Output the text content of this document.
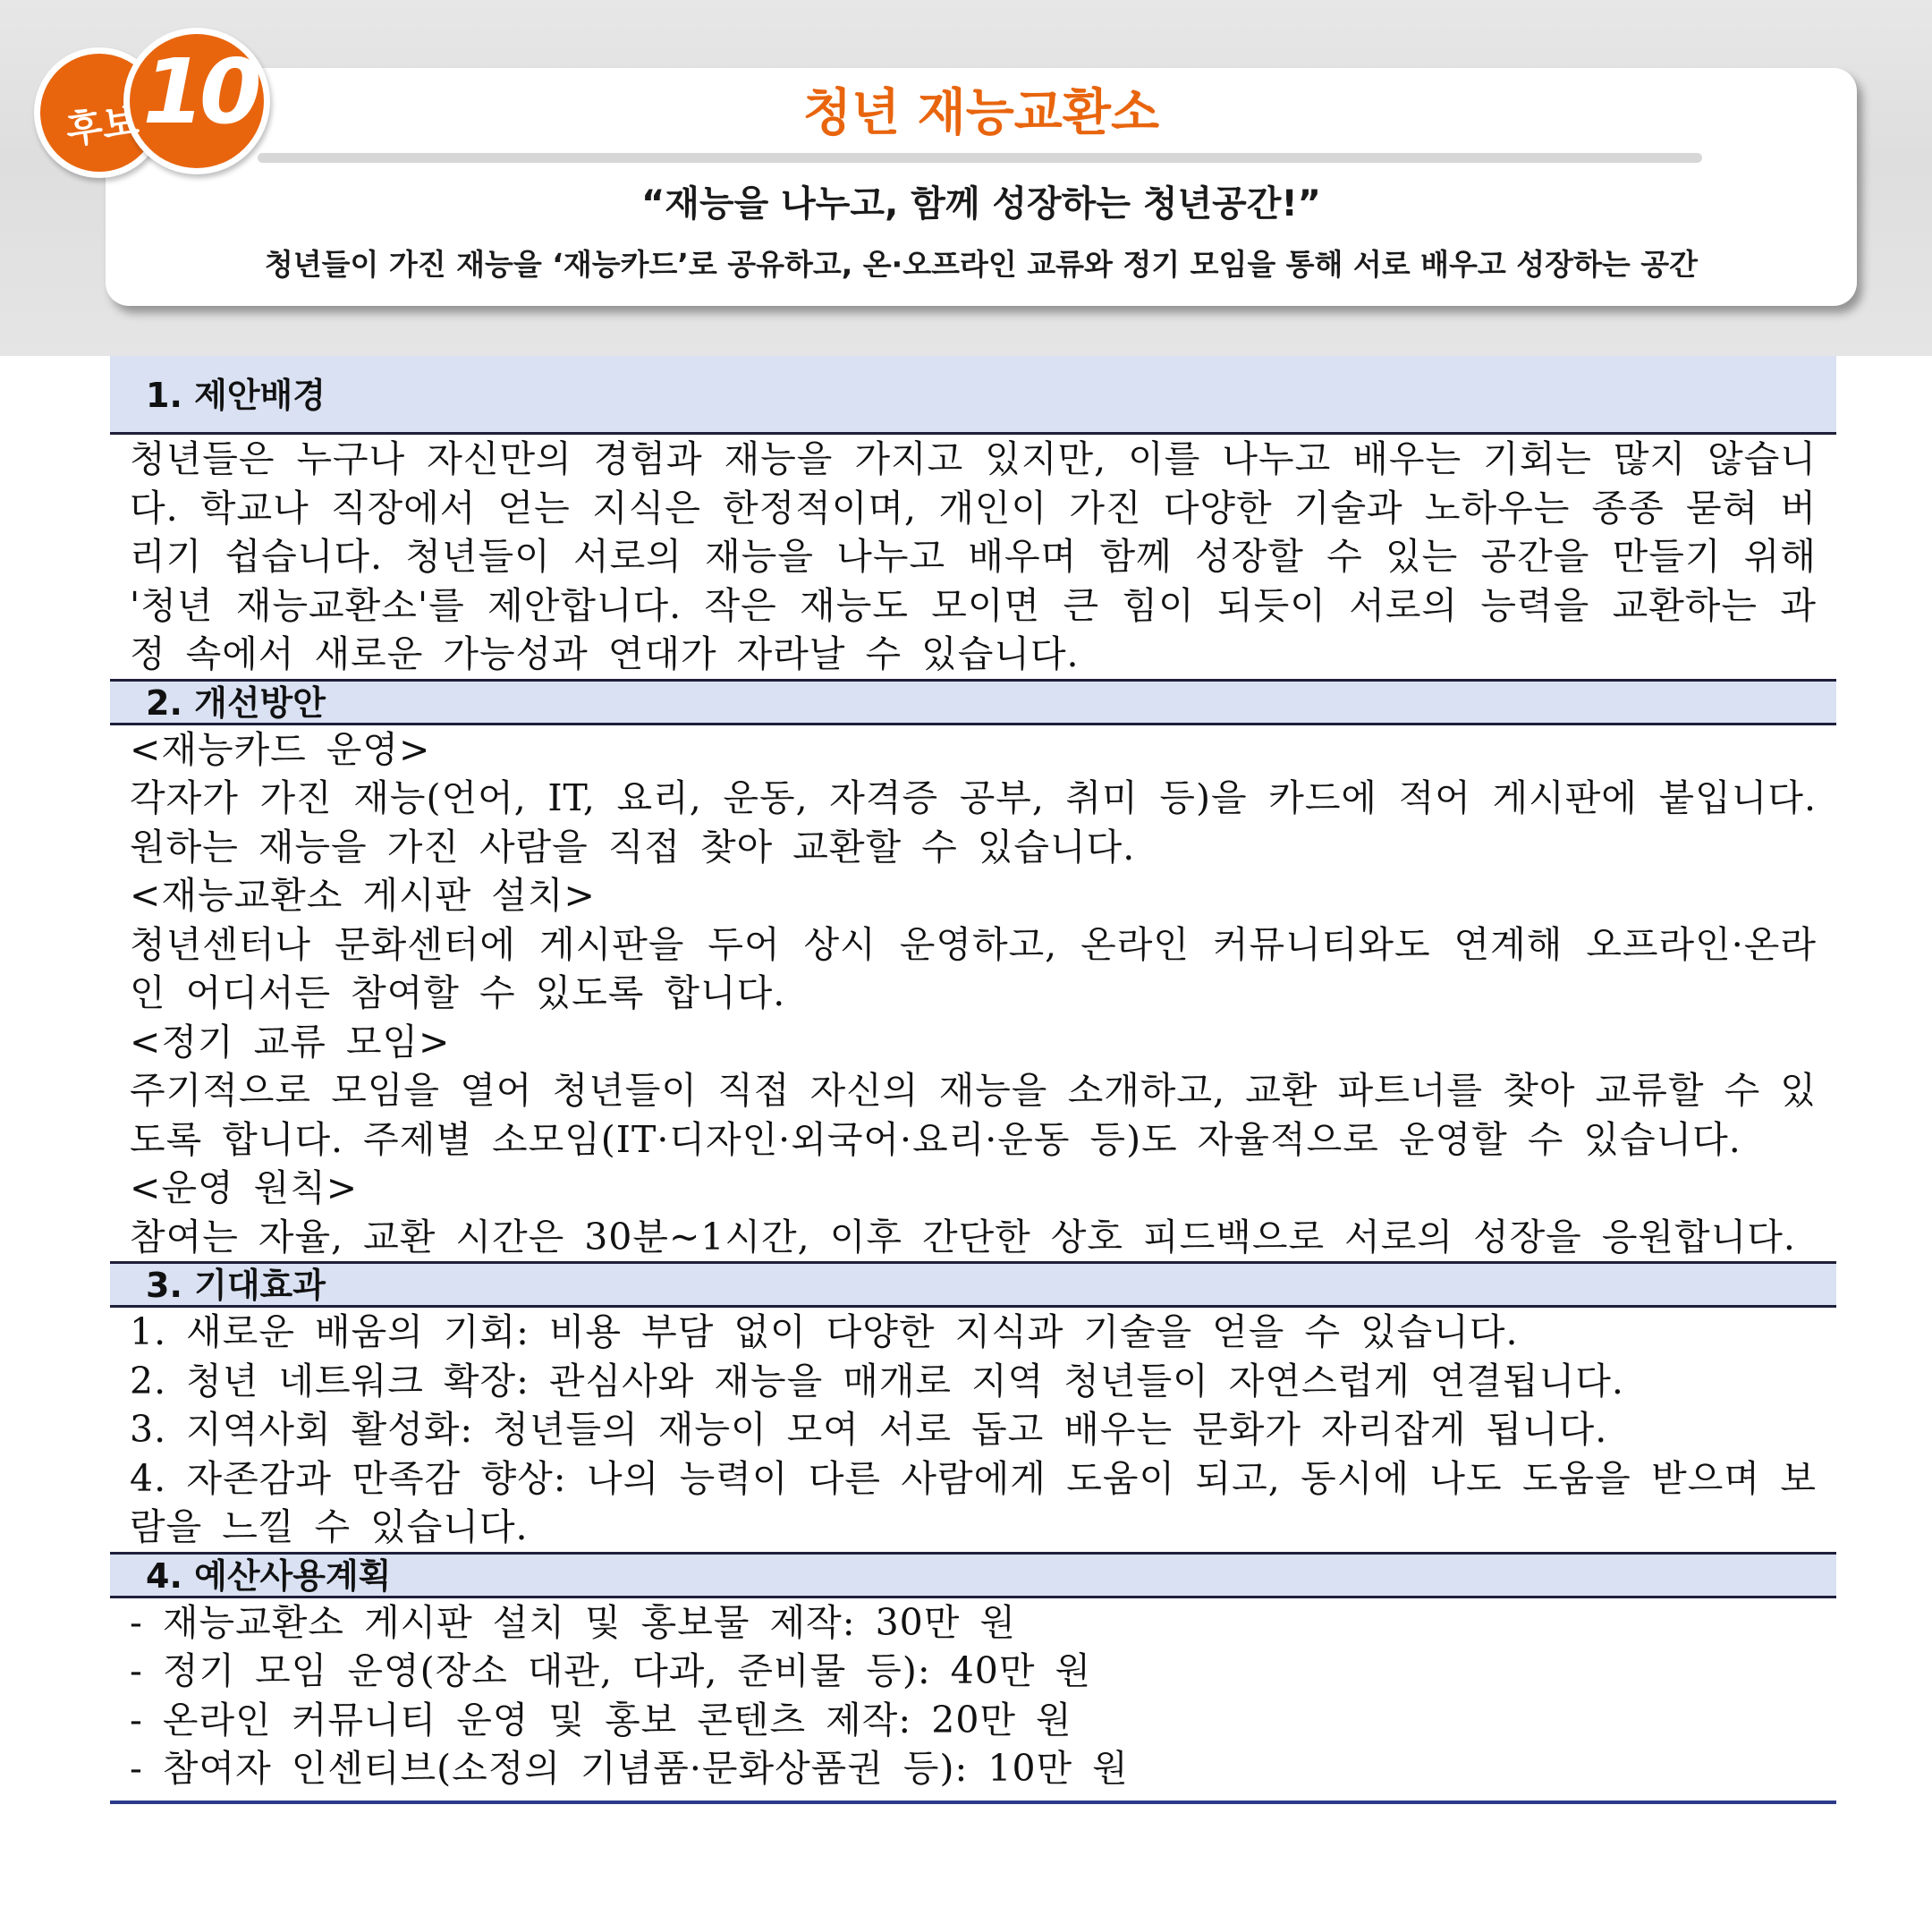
후보 10	청년 재능교환소
“재능을 나누고, 함께 성장하는 청년공간!”
청년들이 가진 재능을 ‘재능카드’로 공유하고, 온·오프라인 교류와 정기 모임을 통해 서로 배우고 성장하는 공간
1. 제안배경

청년들은 누구나 자신만의 경험과 재능을 가지고 있지만, 이를 나누고 배우는 기회는 많지 않습니다. 학교나 직장에서 얻는 지식은 한정적이며, 개인이 가진 다양한 기술과 노하우는 종종 묻혀 버리기 쉽습니다. 청년들이 서로의 재능을 나누고 배우며 함께 성장할 수 있는 공간을 만들기 위해 '청년 재능교환소'를 제안합니다. 작은 재능도 모이면 큰 힘이 되듯이 서로의 능력을 교환하는 과정 속에서 새로운 가능성과 연대가 자라날 수 있습니다.

2. 개선방안

<재능카드 운영>

각자가 가진 재능(언어, IT, 요리, 운동, 자격증 공부, 취미 등)을 카드에 적어 게시판에 붙입니다. 원하는 재능을 가진 사람을 직접 찾아 교환할 수 있습니다.

<재능교환소 게시판 설치>

청년센터나 문화센터에 게시판을 두어 상시 운영하고, 온라인 커뮤니티와도 연계해 오프라인·온라인 어디서든 참여할 수 있도록 합니다.

<정기 교류 모임>

주기적으로 모임을 열어 청년들이 직접 자신의 재능을 소개하고, 교환 파트너를 찾아 교류할 수 있도록 합니다. 주제별 소모임(IT·디자인·외국어·요리·운동 등)도 자율적으로 운영할 수 있습니다.

<운영 원칙>

참여는 자율, 교환 시간은 30분~1시간, 이후 간단한 상호 피드백으로 서로의 성장을 응원합니다.

3. 기대효과

1. 새로운 배움의 기회: 비용 부담 없이 다양한 지식과 기술을 얻을 수 있습니다.

2. 청년 네트워크 확장: 관심사와 재능을 매개로 지역 청년들이 자연스럽게 연결됩니다.

3. 지역사회 활성화: 청년들의 재능이 모여 서로 돕고 배우는 문화가 자리잡게 됩니다.

4. 자존감과 만족감 향상: 나의 능력이 다른 사람에게 도움이 되고, 동시에 나도 도움을 받으며 보람을 느낄 수 있습니다.

4. 예산사용계획

- 재능교환소 게시판 설치 및 홍보물 제작: 30만 원

- 정기 모임 운영(장소 대관, 다과, 준비물 등): 40만 원

- 온라인 커뮤니티 운영 및 홍보 콘텐츠 제작: 20만 원

- 참여자 인센티브(소정의 기념품·문화상품권 등): 10만 원
